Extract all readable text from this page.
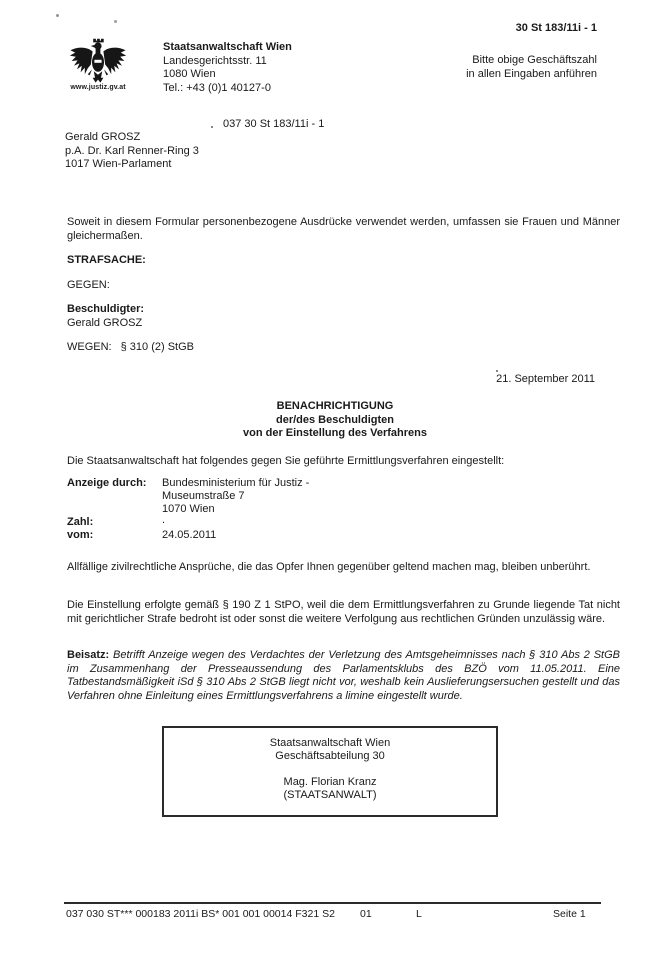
30 St 183/11i - 1
Bitte obige Geschäftszahl
in allen Eingaben anführen
www.justiz.gv.at
Staatsanwaltschaft Wien
Landesgerichtsstr. 11
1080 Wien
Tel.: +43 (0)1 40127-0
037 30 St 183/11i - 1
Gerald GROSZ
p.A. Dr. Karl Renner-Ring 3
1017 Wien-Parlament
Soweit in diesem Formular personenbezogene Ausdrücke verwendet werden, umfassen sie Frauen und Männer gleichermaßen.
STRAFSACHE:
GEGEN:
Beschuldigter:
Gerald GROSZ
WEGEN: § 310 (2) StGB
21. September 2011
BENACHRICHTIGUNG
der/des Beschuldigten
von der Einstellung des Verfahrens
Die Staatsanwaltschaft hat folgendes gegen Sie geführte Ermittlungsverfahren eingestellt:
Anzeige durch: Bundesministerium für Justiz -
Museumstraße 7
1070 Wien
Zahl:	.
vom:	24.05.2011
Allfällige zivilrechtliche Ansprüche, die das Opfer Ihnen gegenüber geltend machen mag, bleiben unberührt.
Die Einstellung erfolgte gemäß § 190 Z 1 StPO, weil die dem Ermittlungsverfahren zu Grunde liegende Tat nicht mit gerichtlicher Strafe bedroht ist oder sonst die weitere Verfolgung aus rechtlichen Gründen unzulässig wäre.
Beisatz: Betrifft Anzeige wegen des Verdachtes der Verletzung des Amtsgeheimnisses nach § 310 Abs 2 StGB im Zusammenhang der Presseaussendung des Parlamentsklubs des BZÖ vom 11.05.2011. Eine Tatbestandsmäßigkeit iSd § 310 Abs 2 StGB liegt nicht vor, weshalb kein Auslieferungsersuchen gestellt und das Verfahren ohne Einleitung eines Ermittlungsverfahrens a limine eingestellt wurde.
Staatsanwaltschaft Wien
Geschäftsabteilung 30
Mag. Florian Kranz
(STAATSANWALT)
037 030 ST*** 000183 2011i BS* 001 001 00014 F321 S2 01	L	Seite 1
